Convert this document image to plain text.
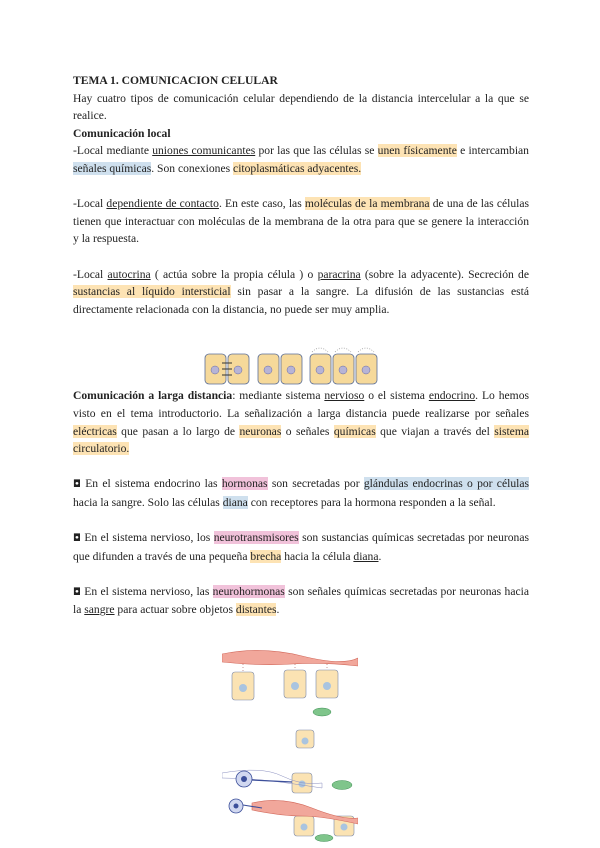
TEMA 1. COMUNICACION CELULAR

Hay cuatro tipos de comunicación celular dependiendo de la distancia intercelular a la que se realice.

Comunicación local

-Local mediante uniones comunicantes por las que las células se unen físicamente e intercambian señales químicas. Son conexiones citoplasmáticas adyacentes.

-Local dependiente de contacto. En este caso, las moléculas de la membrana de una de las células tienen que interactuar con moléculas de la membrana de la otra para que se genere la interacción y la respuesta.

-Local autocrina ( actúa sobre la propia célula ) o paracrina (sobre la adyacente). Secreción de sustancias al líquido intersticial sin pasar a la sangre. La difusión de las sustancias está directamente relacionada con la distancia, no puede ser muy amplia.

Comunicación a larga distancia: mediante sistema nervioso o el sistema endocrino. Lo hemos visto en el tema introductorio. La señalización a larga distancia puede realizarse por señales eléctricas que pasan a lo largo de neuronas o señales químicas que viajan a través del sistema circulatorio.

◘ En el sistema endocrino las hormonas son secretadas por glándulas endocrinas o por células hacia la sangre. Solo las células diana con receptores para la hormona responden a la señal.

◘ En el sistema nervioso, los neurotransmisores son sustancias químicas secretadas por neuronas que difunden a través de una pequeña brecha hacia la célula diana.

◘ En el sistema nervioso, las neurohormonas son señales químicas secretadas por neuronas hacia la sangre para actuar sobre objetos distantes.
